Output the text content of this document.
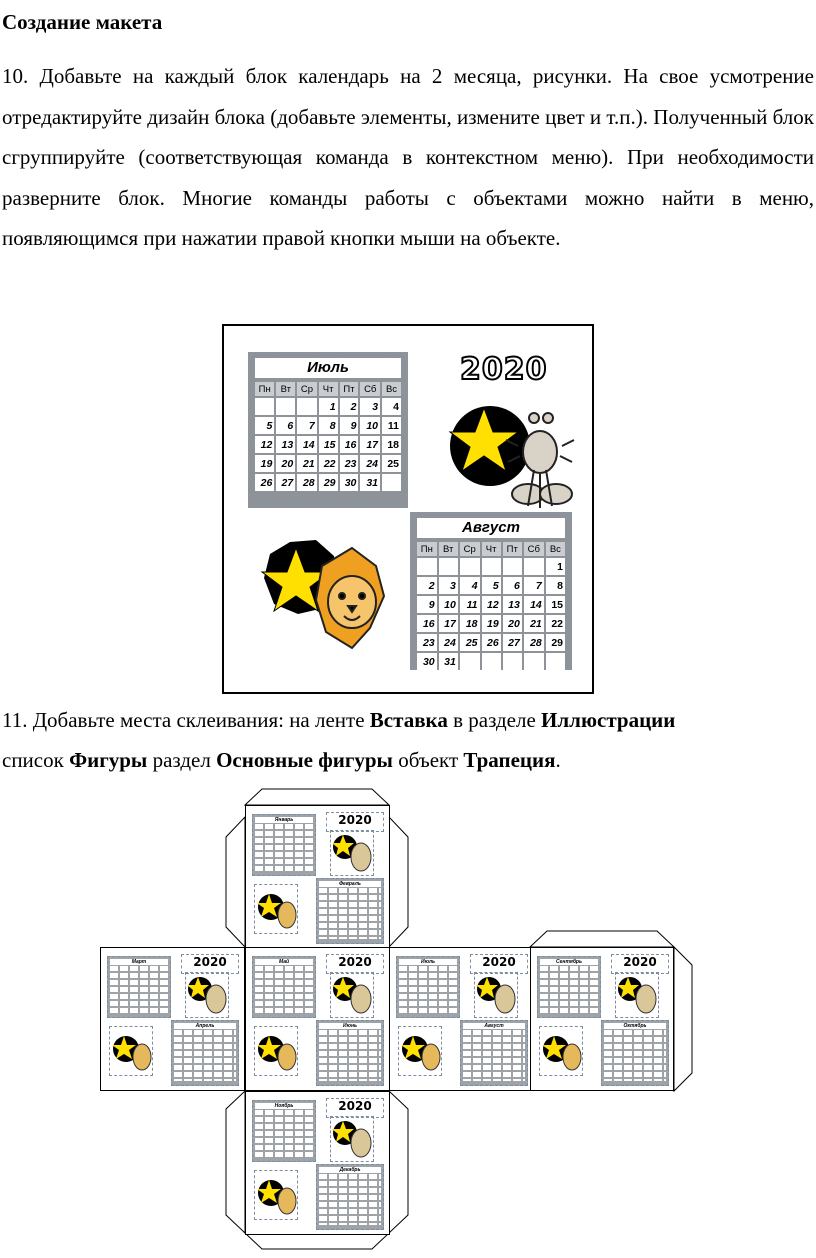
Создание макета

10. Добавьте на каждый блок календарь на 2 месяца, рисунки. На свое усмотрение отредактируйте дизайн блока (добавьте элементы, измените цвет и т.п.). Полученный блок сгруппируйте (соответствующая команда в контекстном меню). При необходимости разверните блок. Многие команды работы с объектами можно найти в меню, появляющимся при нажатии правой кнопки мыши на объекте.

Июль
Пн	Вт	Ср	Чт	Пт	Сб	Вс
			1	2	3	4
5	6	7	8	9	10	11
12	13	14	15	16	17	18
19	20	21	22	23	24	25
26	27	28	29	30	31	
2020
Август
Пн	Вт	Ср	Чт	Пт	Сб	Вс
						1
2	3	4	5	6	7	8
9	10	11	12	13	14	15
16	17	18	19	20	21	22
23	24	25	26	27	28	29
30	31					

11. Добавьте места склеивания: на ленте Вставка в разделе Иллюстрации
список Фигуры раздел Основные фигуры объект Трапеция.

Январь	2020
Февраль
Март	2020
Апрель
Май	2020
Июнь
Июль	2020
Август
Сентябрь	2020
Октябрь
Ноябрь	2020
Декабрь
